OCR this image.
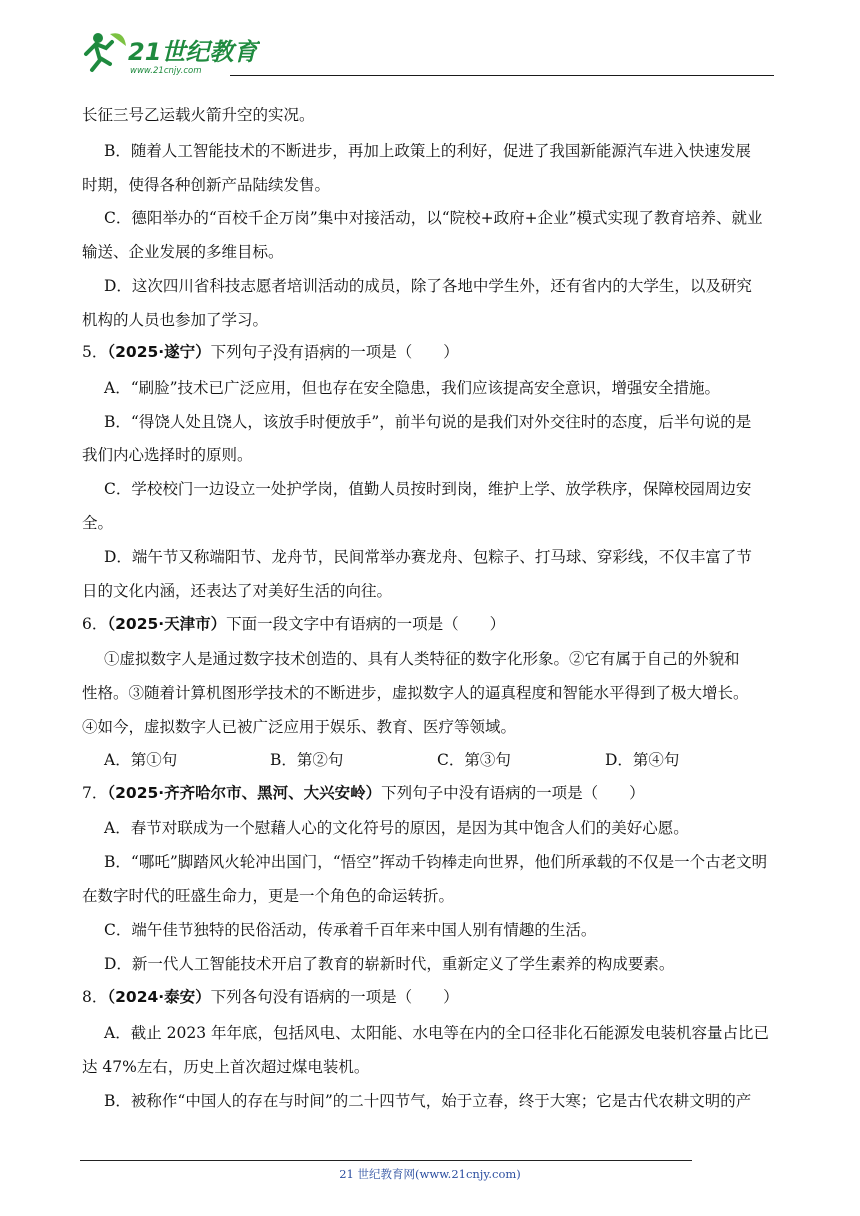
21世纪教育
www.21cnjy.com
长征三号乙运载火箭升空的实况。
B．随着人工智能技术的不断进步，再加上政策上的利好，促进了我国新能源汽车进入快速发展
时期，使得各种创新产品陆续发售。
C．德阳举办的“百校千企万岗”集中对接活动，以“院校+政府+企业”模式实现了教育培养、就业
输送、企业发展的多维目标。
D．这次四川省科技志愿者培训活动的成员，除了各地中学生外，还有省内的大学生，以及研究
机构的人员也参加了学习。
5．（2025·遂宁）下列句子没有语病 · · · ·的一项是（　　）
A．“刷脸”技术已广泛应用，但也存在安全隐患，我们应该提高安全意识，增强安全措施。
B．“得饶人处且饶人，该放手时便放手”，前半句说的是我们对外交往时的态度，后半句说的是
我们内心选择时的原则。
C．学校校门一边设立一处护学岗，值勤人员按时到岗，维护上学、放学秩序，保障校园周边安
全。
D．端午节又称端阳节、龙舟节，民间常举办赛龙舟、包粽子、打马球、穿彩线，不仅丰富了节
日的文化内涵，还表达了对美好生活的向往。
6．（2025·天津市）下面一段文字中有语病的一项是（　　）
①虚拟数字人是通过数字技术创造的、具有人类特征的数字化形象。②它有属于自己的外貌和
性格。③随着计算机图形学技术的不断进步，虚拟数字人的逼真程度和智能水平得到了极大增长。
④如今，虚拟数字人已被广泛应用于娱乐、教育、医疗等领域。
A．第①句	B．第②句	C．第③句	D．第④句
7．（2025·齐齐哈尔市、黑河、大兴安岭）下列句子中没有语病的一项是（　　）
A．春节对联成为一个慰藉人心的文化符号的原因，是因为其中饱含人们的美好心愿。
B．“哪吒”脚踏风火轮冲出国门，“悟空”挥动千钧棒走向世界，他们所承载的不仅是一个古老文明
在数字时代的旺盛生命力，更是一个角色的命运转折。
C．端午佳节独特的民俗活动，传承着千百年来中国人别有情趣的生活。
D．新一代人工智能技术开启了教育的崭新时代，重新定义了学生素养的构成要素。
8．（2024·泰安）下列各句没有语病的一项是（　　）
A．截止 2023 年年底，包括风电、太阳能、水电等在内的全口径非化石能源发电装机容量占比已
达 47%左右，历史上首次超过煤电装机。
B．被称作“中国人的存在与时间”的二十四节气，始于立春，终于大寒；它是古代农耕文明的产
21 世纪教育网(www.21cnjy.com)
